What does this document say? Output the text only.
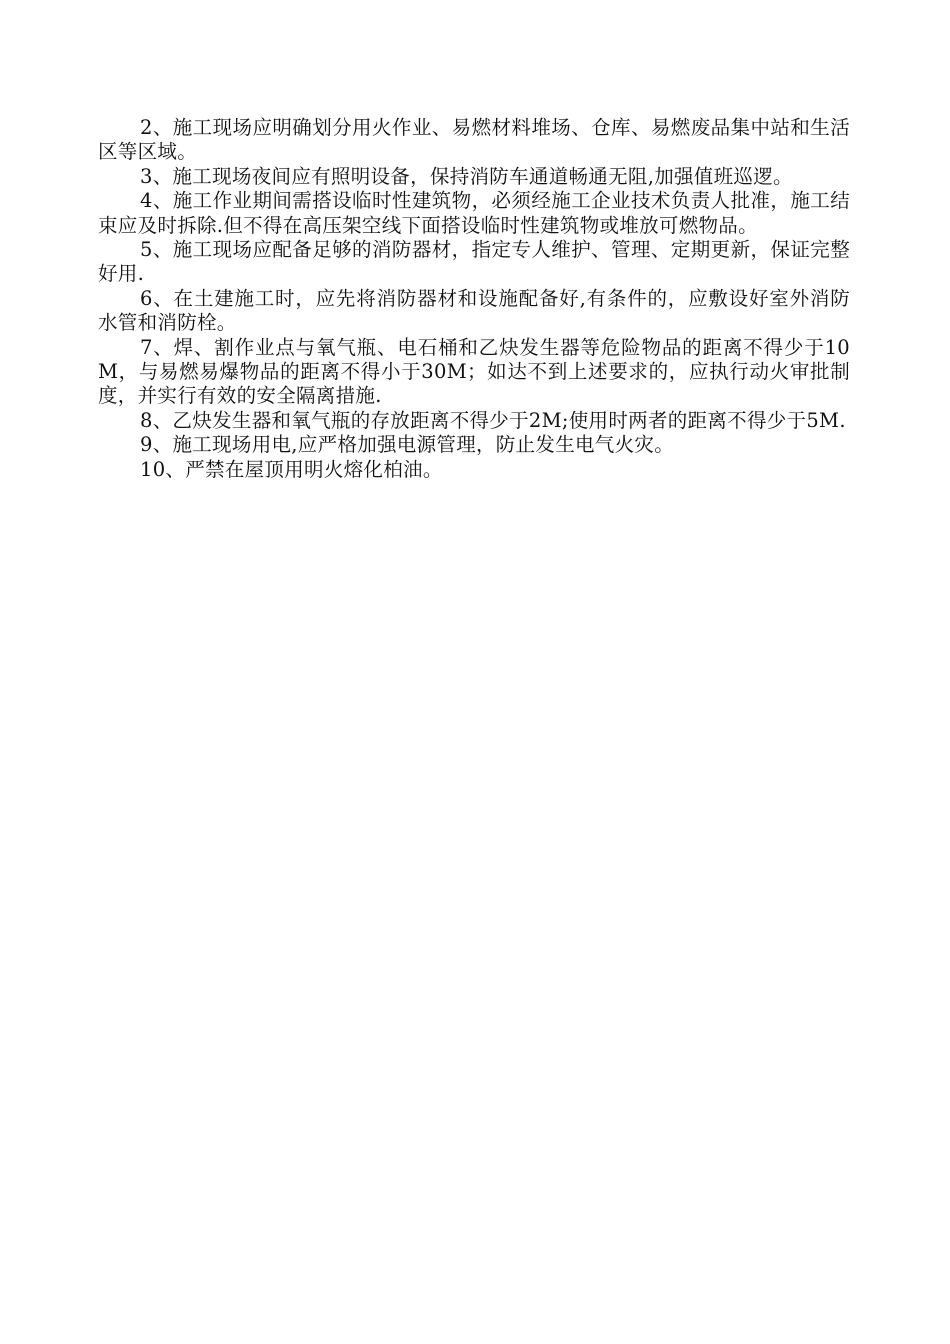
2、施工现场应明确划分用火作业、易燃材料堆场、仓库、易燃废品集中站和生活区等区域。

3、施工现场夜间应有照明设备，保持消防车通道畅通无阻,加强值班巡逻。

4、施工作业期间需搭设临时性建筑物，必须经施工企业技术负责人批准，施工结束应及时拆除.但不得在高压架空线下面搭设临时性建筑物或堆放可燃物品。

5、施工现场应配备足够的消防器材，指定专人维护、管理、定期更新，保证完整好用.

6、在土建施工时，应先将消防器材和设施配备好,有条件的，应敷设好室外消防水管和消防栓。

7、焊、割作业点与氧气瓶、电石桶和乙炔发生器等危险物品的距离不得少于10M，与易燃易爆物品的距离不得小于30M；如达不到上述要求的，应执行动火审批制度，并实行有效的安全隔离措施.

8、乙炔发生器和氧气瓶的存放距离不得少于2M;使用时两者的距离不得少于5M.

9、施工现场用电,应严格加强电源管理，防止发生电气火灾。

10、严禁在屋顶用明火熔化柏油。
